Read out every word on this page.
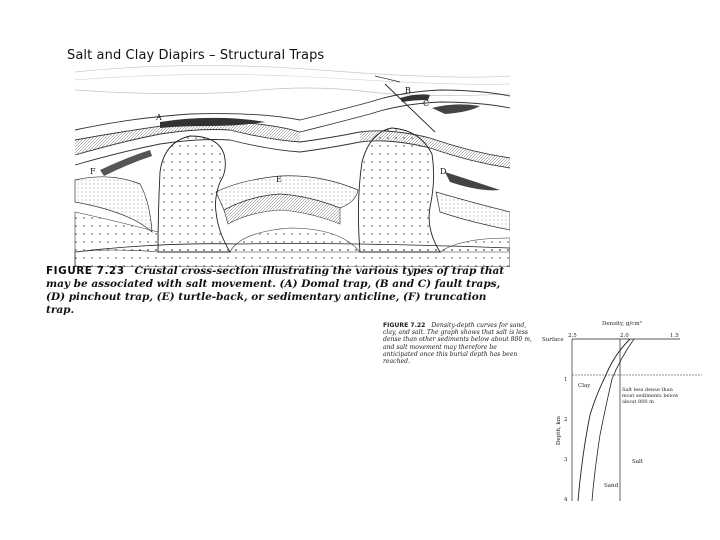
Salt and Clay Diapirs – Structural Traps
A
B
C
D
E
F
FIGURE 7.23 Crustal cross-section illustrating the various types of trap that may be associated with salt movement. (A) Domal trap, (B and C) fault traps, (D) pinchout trap, (E) turtle-back, or sedimentary anticline, (F) truncation trap.
FIGURE 7.22 Density-depth curves for sand, clay, and salt. The graph shows that salt is less dense than other sediments below about 800 m, and salt movement may therefore be anticipated once this burial depth has been reached.
Density, g/cm³
2.5	2.0	1.5
Surface
1
2
3
4
Depth, km
Clay
Salt
Sand
Salt less dense than most sediments below about 800 m
